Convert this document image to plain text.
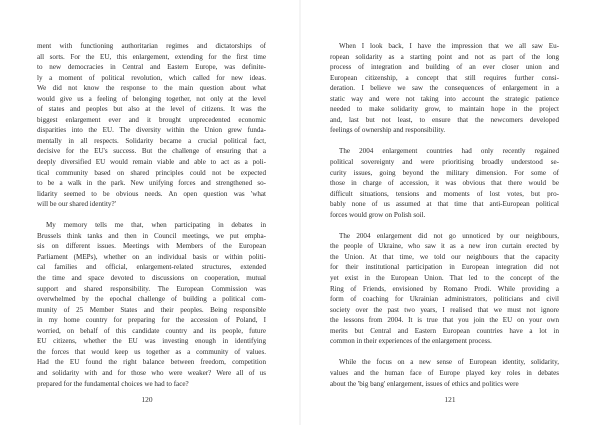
ment with functioning authoritarian regimes and dictatorships of
all sorts. For the EU, this enlargement, extending for the first time
to new democracies in Central and Eastern Europe, was definite-
ly a moment of political revolution, which called for new ideas.
We did not know the response to the main question about what
would give us a feeling of belonging together, not only at the level
of states and peoples but also at the level of citizens. It was the
biggest enlargement ever and it brought unprecedented economic
disparities into the EU. The diversity within the Union grew funda-
mentally in all respects. Solidarity became a crucial political fact,
decisive for the EU's success. But the challenge of ensuring that a
deeply diversified EU would remain viable and able to act as a poli-
tical community based on shared principles could not be expected
to be a walk in the park. New unifying forces and strengthened so-
lidarity seemed to be obvious needs. An open question was 'what
will be our shared identity?'
My memory tells me that, when participating in debates in
Brussels think tanks and then in Council meetings, we put empha-
sis on different issues. Meetings with Members of the European
Parliament (MEPs), whether on an individual basis or within politi-
cal families and official, enlargement-related structures, extended
the time and space devoted to discussions on cooperation, mutual
support and shared responsibility. The European Commission was
overwhelmed by the epochal challenge of building a political com-
munity of 25 Member States and their peoples. Being responsible
in my home country for preparing for the accession of Poland, I
worried, on behalf of this candidate country and its people, future
EU citizens, whether the EU was investing enough in identifying
the forces that would keep us together as a community of values.
Had the EU found the right balance between freedom, competition
and solidarity with and for those who were weaker? Were all of us
prepared for the fundamental choices we had to face?
120
When I look back, I have the impression that we all saw Eu-
ropean solidarity as a starting point and not as part of the long
process of integration and building of an ever closer union and
European citizenship, a concept that still requires further consi-
deration. I believe we saw the consequences of enlargement in a
static way and were not taking into account the strategic patience
needed to make solidarity grow, to maintain hope in the project
and, last but not least, to ensure that the newcomers developed
feelings of ownership and responsibility.
The 2004 enlargement countries had only recently regained
political sovereignty and were prioritising broadly understood se-
curity issues, going beyond the military dimension. For some of
those in charge of accession, it was obvious that there would be
difficult situations, tensions and moments of lost votes, but pro-
bably none of us assumed at that time that anti-European political
forces would grow on Polish soil.
The 2004 enlargement did not go unnoticed by our neighbours,
the people of Ukraine, who saw it as a new iron curtain erected by
the Union. At that time, we told our neighbours that the capacity
for their institutional participation in European integration did not
yet exist in the European Union. That led to the concept of the
Ring of Friends, envisioned by Romano Prodi. While providing a
form of coaching for Ukrainian administrators, politicians and civil
society over the past two years, I realised that we must not ignore
the lessons from 2004. It is true that you join the EU on your own
merits but Central and Eastern European countries have a lot in
common in their experiences of the enlargement process.
While the focus on a new sense of European identity, solidarity,
values and the human face of Europe played key roles in debates
about the 'big bang' enlargement, issues of ethics and politics were
121
